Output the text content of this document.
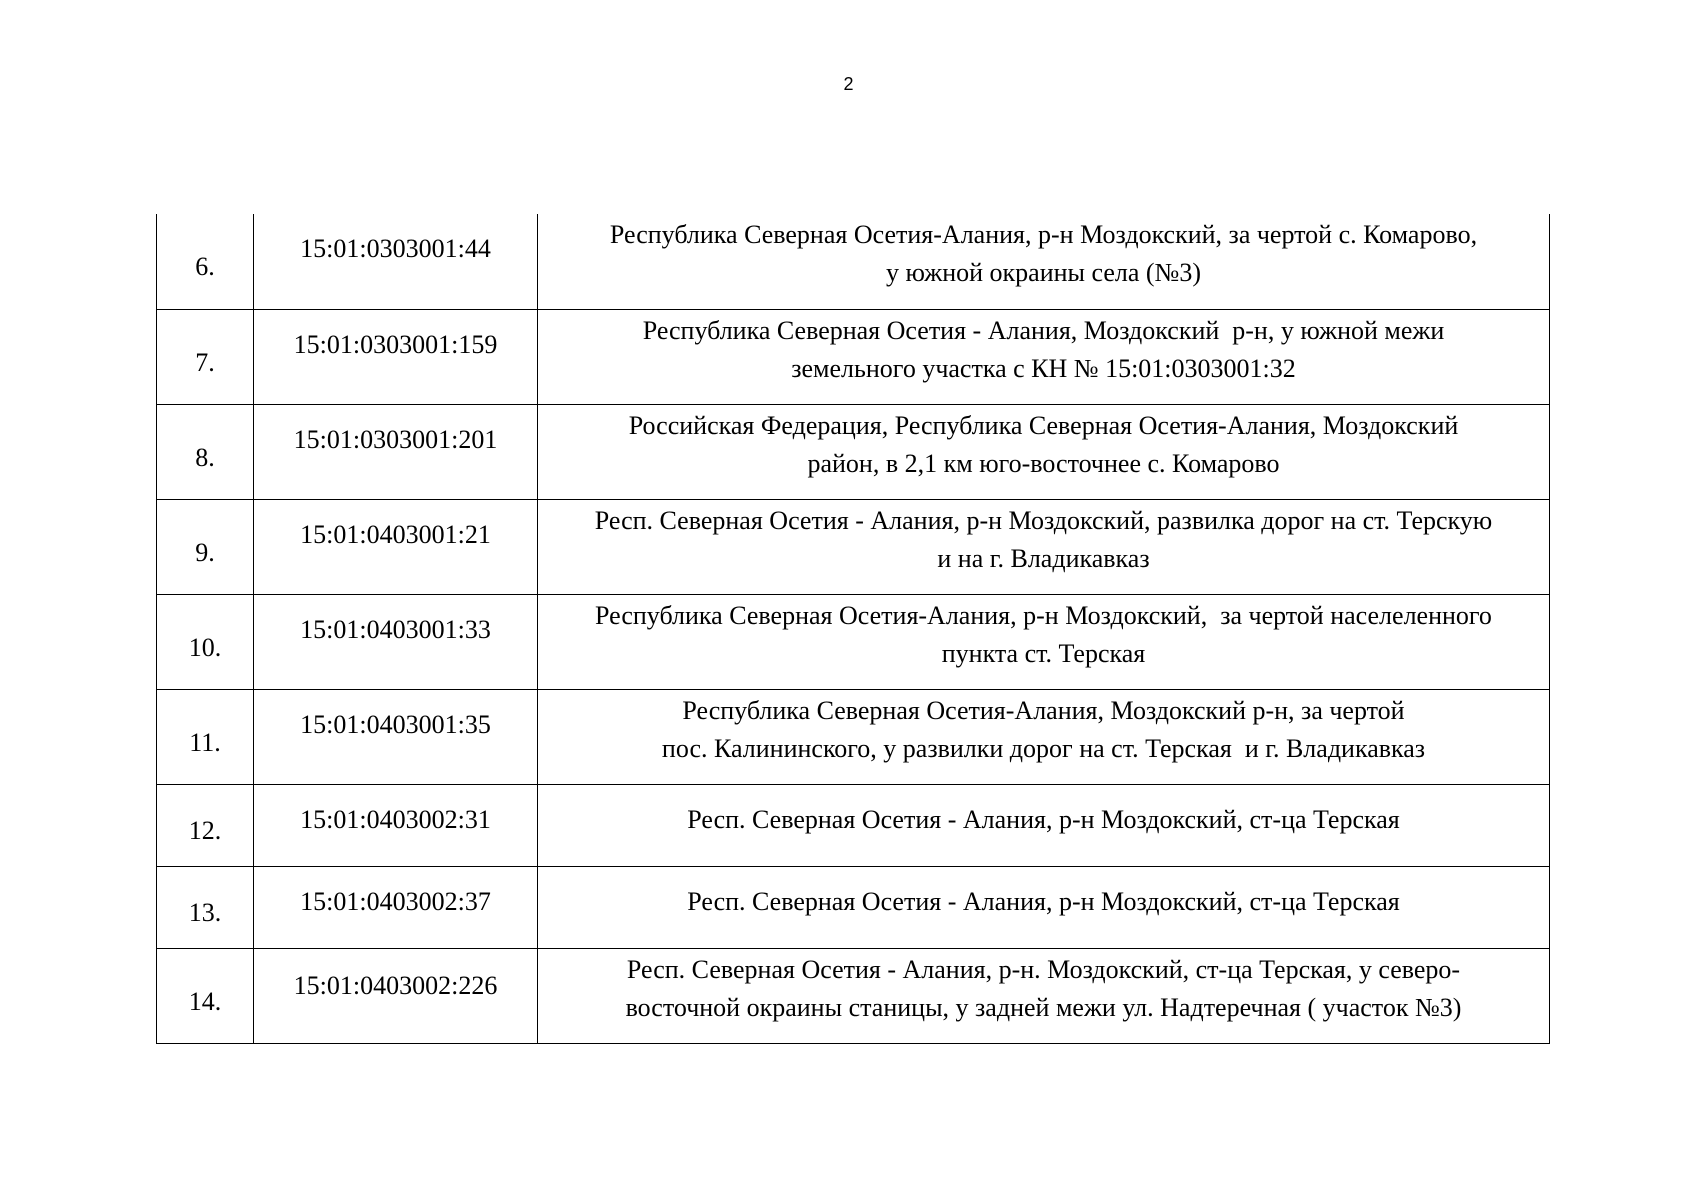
2
6.	15:01:0303001:44	Республика Северная Осетия-Алания, р-н Моздокский, за чертой с. Комарово,
у южной окраины села (№3)

7.	15:01:0303001:159	Республика Северная Осетия - Алания, Моздокский  р-н, у южной межи
земельного участка с КН № 15:01:0303001:32

8.	15:01:0303001:201	Российская Федерация, Республика Северная Осетия-Алания, Моздокский
район, в 2,1 км юго-восточнее с. Комарово

9.	15:01:0403001:21	Респ. Северная Осетия - Алания, р-н Моздокский, развилка дорог на ст. Терскую
и на г. Владикавказ

10.	15:01:0403001:33	Республика Северная Осетия-Алания, р-н Моздокский,  за чертой населеленного
пункта ст. Терская

11.	15:01:0403001:35	Республика Северная Осетия-Алания, Моздокский р-н, за чертой
пос. Калининского, у развилки дорог на ст. Терская  и г. Владикавказ

12.	15:01:0403002:31	Респ. Северная Осетия - Алания, р-н Моздокский, ст-ца Терская

13.	15:01:0403002:37	Респ. Северная Осетия - Алания, р-н Моздокский, ст-ца Терская

14.	15:01:0403002:226	Респ. Северная Осетия - Алания, р-н. Моздокский, ст-ца Терская, у северо-
восточной окраины станицы, у задней межи ул. Надтеречная ( участок №3)
